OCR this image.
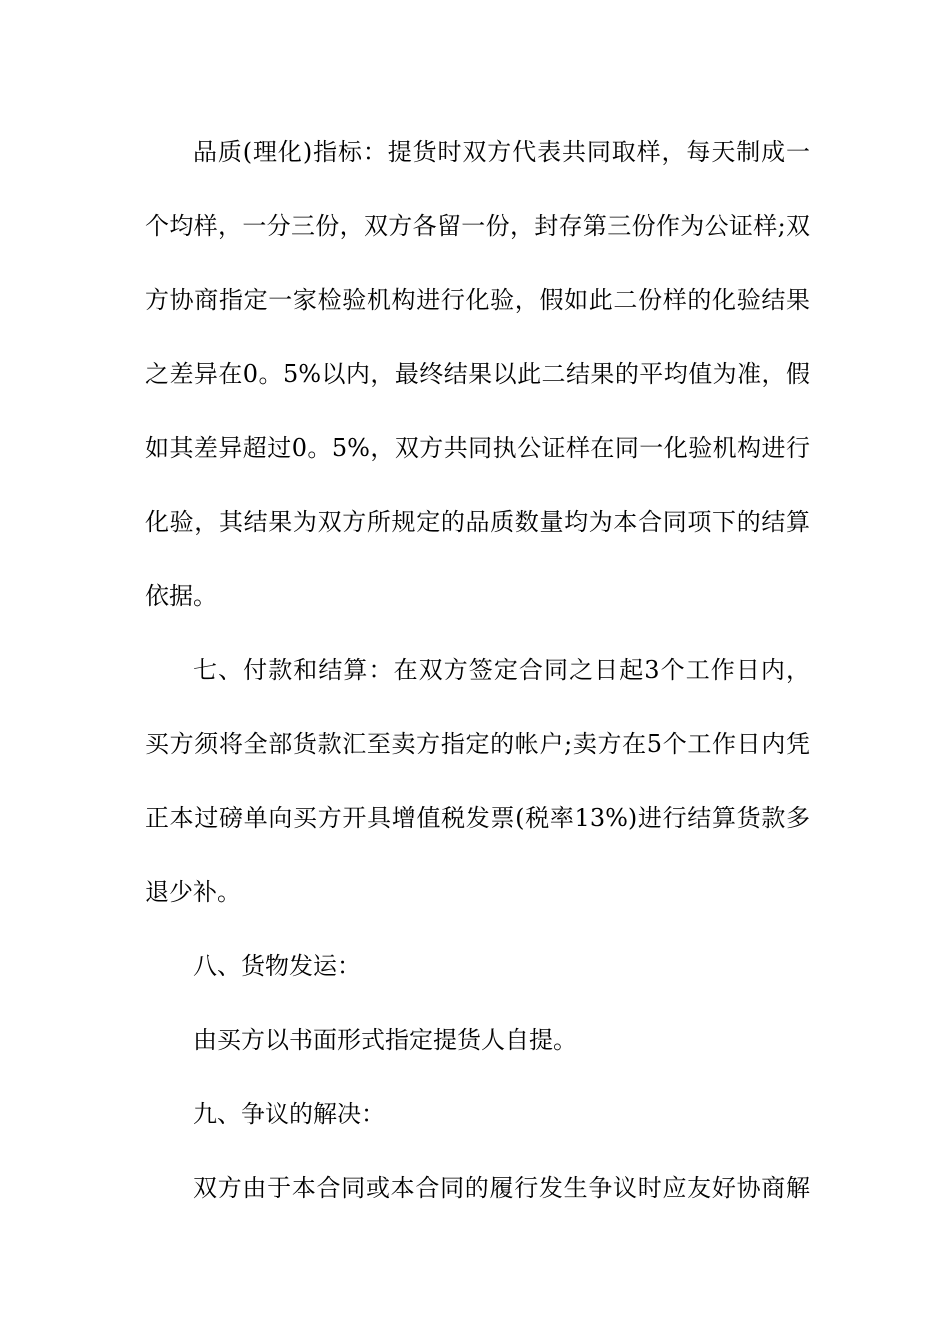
品质(理化)指标：提货时双方代表共同取样，每天制成一
个均样，一分三份，双方各留一份，封存第三份作为公证样;双
方协商指定一家检验机构进行化验，假如此二份样的化验结果
之差异在0。5%以内，最终结果以此二结果的平均值为准，假
如其差异超过0。5%，双方共同执公证样在同一化验机构进行
化验，其结果为双方所规定的品质数量均为本合同项下的结算
依据。
七、付款和结算：在双方签定合同之日起3个工作日内，
买方须将全部货款汇至卖方指定的帐户;卖方在5个工作日内凭
正本过磅单向买方开具增值税发票(税率13%)进行结算货款多
退少补。
八、货物发运：
由买方以书面形式指定提货人自提。
九、争议的解决：
双方由于本合同或本合同的履行发生争议时应友好协商解
